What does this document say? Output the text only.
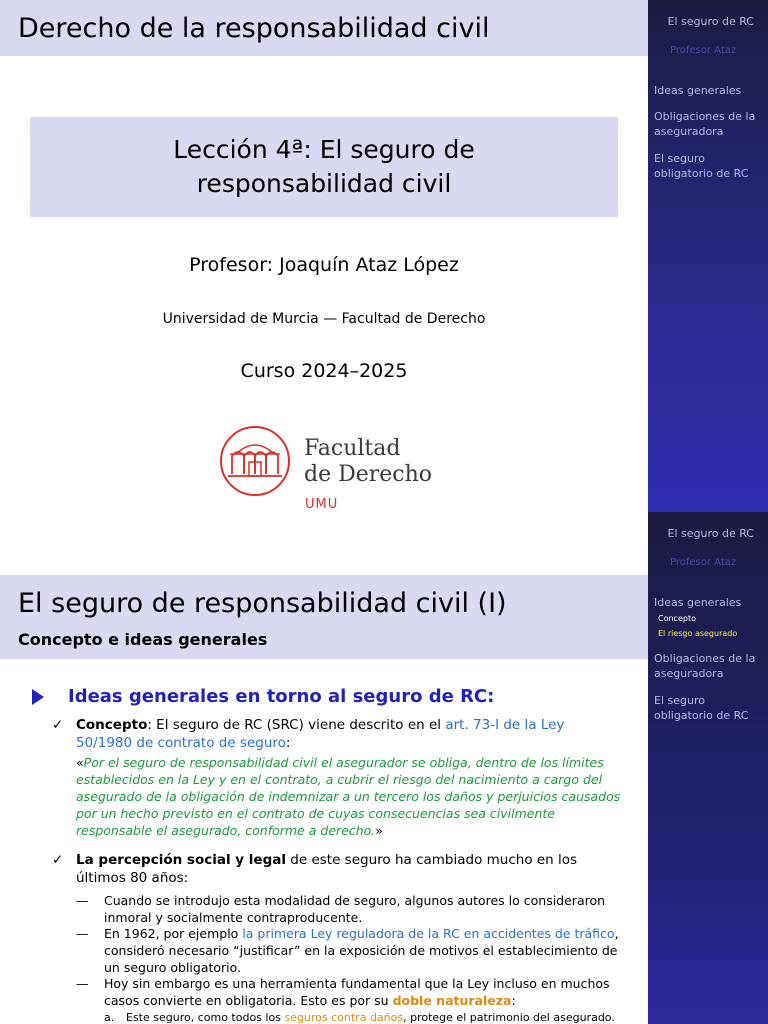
Derecho de la responsabilidad civil
Lección 4ª: El seguro de responsabilidad civil
Profesor: Joaquín Ataz López
Universidad de Murcia — Facultad de Derecho
Curso 2024–2025
Facultad
de Derecho
UMU
El seguro de RC
Profesor Ataz
Ideas generales
Obligaciones de la aseguradora
El seguro obligatorio de RC
El seguro de responsabilidad civil (I)
Concepto e ideas generales
Ideas generales en torno al seguro de RC:
✓ Concepto: El seguro de RC (SRC) viene descrito en el art. 73-I de la Ley 50/1980 de contrato de seguro:
«Por el seguro de responsabilidad civil el asegurador se obliga, dentro de los límites establecidos en la Ley y en el contrato, a cubrir el riesgo del nacimiento a cargo del asegurado de la obligación de indemnizar a un tercero los daños y perjuicios causados por un hecho previsto en el contrato de cuyas consecuencias sea civilmente responsable el asegurado, conforme a derecho.»
✓ La percepción social y legal de este seguro ha cambiado mucho en los últimos 80 años:
— Cuando se introdujo esta modalidad de seguro, algunos autores lo consideraron inmoral y socialmente contraproducente.
— En 1962, por ejemplo la primera Ley reguladora de la RC en accidentes de tráfico, consideró necesario “justificar” en la exposición de motivos el establecimiento de un seguro obligatorio.
— Hoy sin embargo es una herramienta fundamental que la Ley incluso en muchos casos convierte en obligatoria. Esto es por su doble naturaleza:
a. Este seguro, como todos los seguros contra daños, protege el patrimonio del asegurado.
El seguro de RC
Profesor Ataz
Ideas generales
Concepto
El riesgo asegurado
Obligaciones de la aseguradora
El seguro obligatorio de RC
